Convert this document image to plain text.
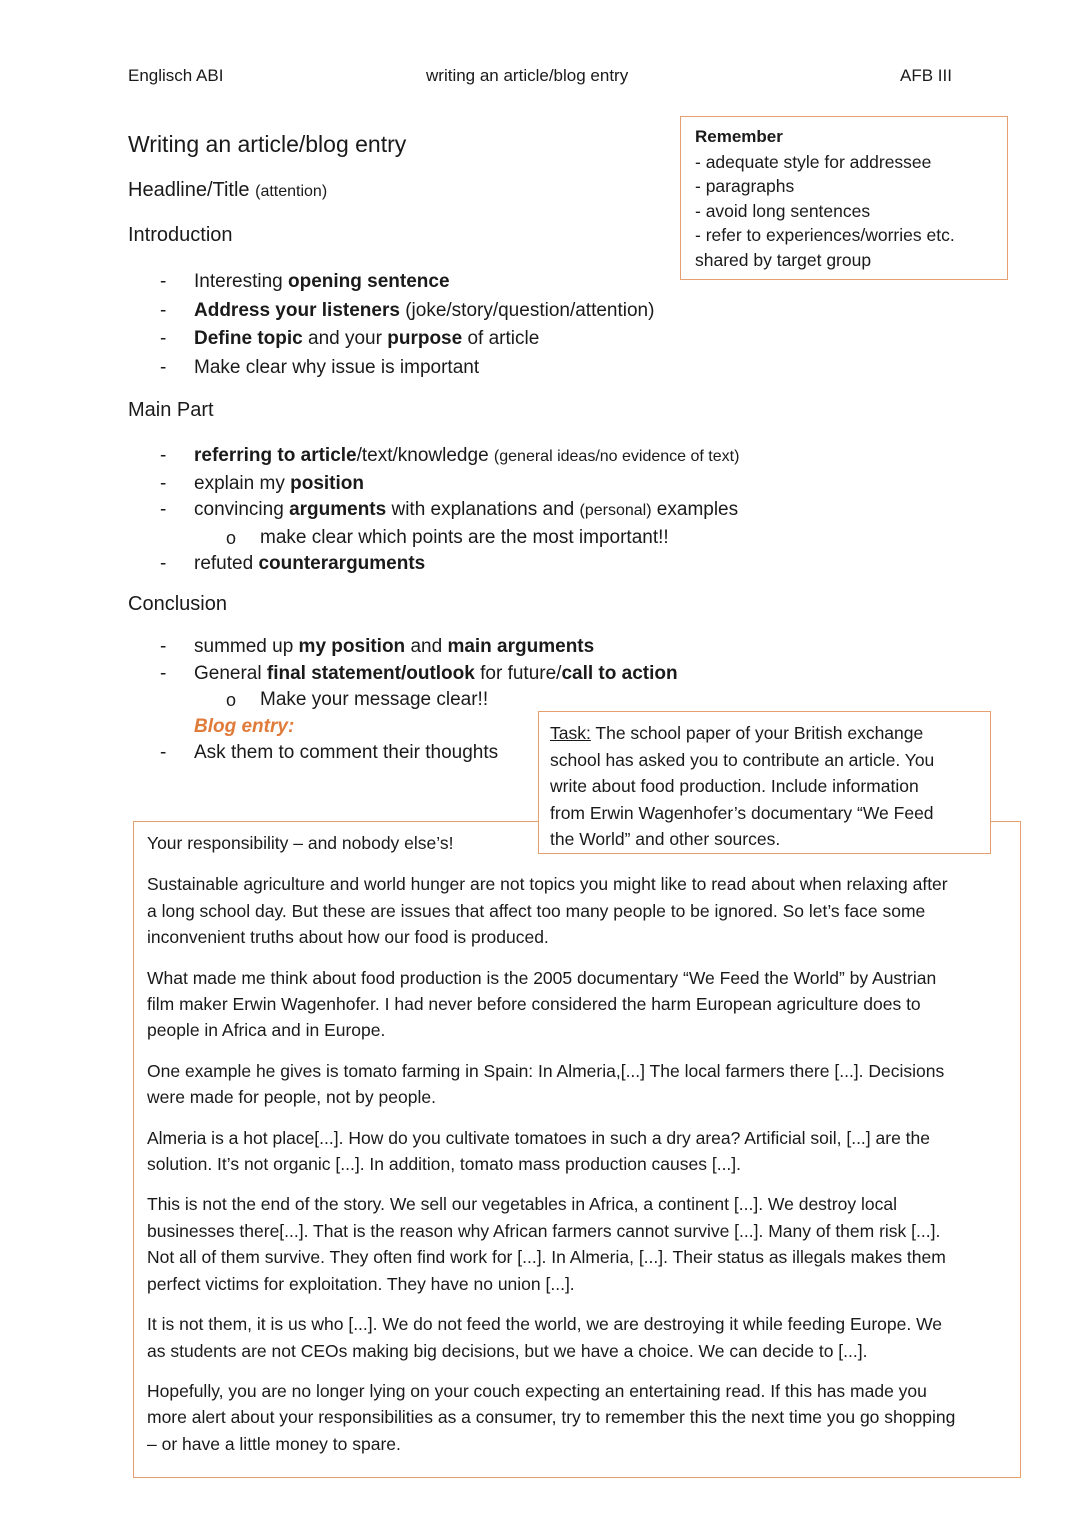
Englisch ABI	writing an article/blog entry	AFB III
Writing an article/blog entry
Headline/Title (attention)
Introduction
Remember
- adequate style for addressee
- paragraphs
- avoid long sentences
- refer to experiences/worries etc.
shared by target group
- Interesting opening sentence
- Address your listeners (joke/story/question/attention)
- Define topic and your purpose of article
- Make clear why issue is important
Main Part
- referring to article/text/knowledge (general ideas/no evidence of text)
- explain my position
- convincing arguments with explanations and (personal) examples
o make clear which points are the most important!!
- refuted counterarguments
Conclusion
- summed up my position and main arguments
- General final statement/outlook for future/call to action
o Make your message clear!!
Blog entry:
- Ask them to comment their thoughts
Your responsibility – and nobody else’s!

Sustainable agriculture and world hunger are not topics you might like to read about when relaxing after
a long school day. But these are issues that affect too many people to be ignored. So let’s face some
inconvenient truths about how our food is produced.

What made me think about food production is the 2005 documentary “We Feed the World” by Austrian
film maker Erwin Wagenhofer. I had never before considered the harm European agriculture does to
people in Africa and in Europe.

One example he gives is tomato farming in Spain: In Almeria,[...] The local farmers there [...]. Decisions
were made for people, not by people.

Almeria is a hot place[...]. How do you cultivate tomatoes in such a dry area? Artificial soil, [...] are the
solution. It’s not organic [...]. In addition, tomato mass production causes [...].

This is not the end of the story. We sell our vegetables in Africa, a continent [...]. We destroy local
businesses there[...]. That is the reason why African farmers cannot survive [...]. Many of them risk [...].
Not all of them survive. They often find work for [...]. In Almeria, [...]. Their status as illegals makes them
perfect victims for exploitation. They have no union [...].

It is not them, it is us who [...]. We do not feed the world, we are destroying it while feeding Europe. We
as students are not CEOs making big decisions, but we have a choice. We can decide to [...].

Hopefully, you are no longer lying on your couch expecting an entertaining read. If this has made you
more alert about your responsibilities as a consumer, try to remember this the next time you go shopping
– or have a little money to spare.

Task: The school paper of your British exchange
school has asked you to contribute an article. You
write about food production. Include information
from Erwin Wagenhofer’s documentary “We Feed
the World” and other sources.
